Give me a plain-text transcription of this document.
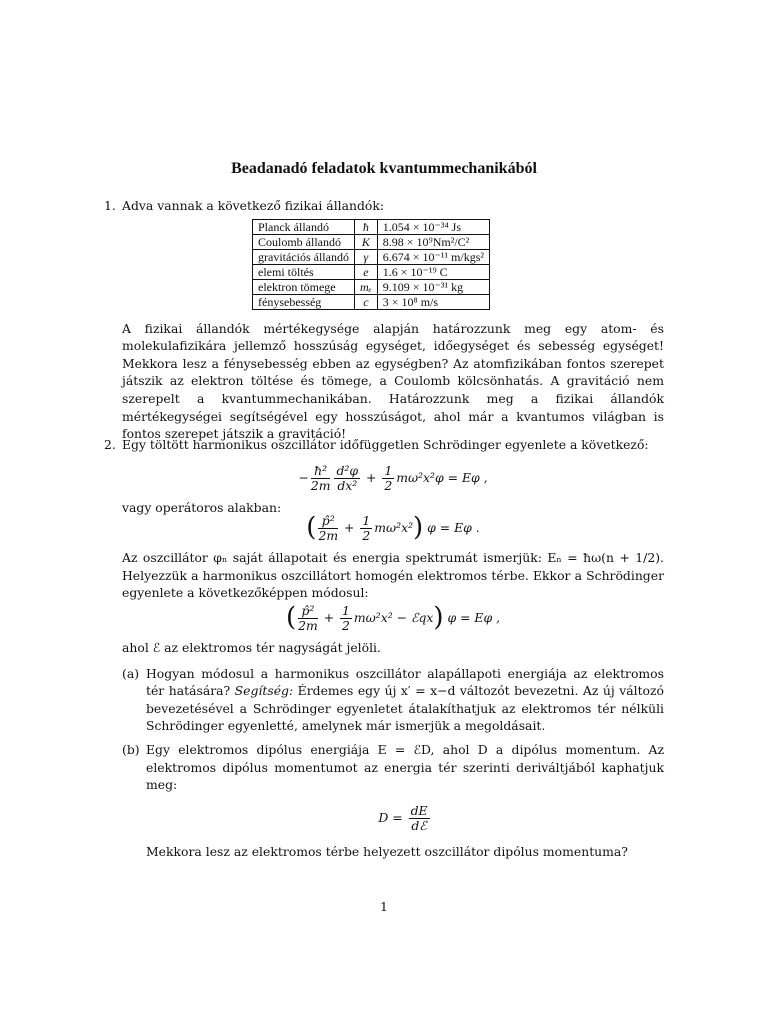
Beadanadó feladatok kvantummechanikából
1. Adva vannak a következő fizikai állandók:
Planck állandó	ħ	1.054 × 10⁻³⁴ Js
Coulomb állandó	K	8.98 × 10⁹Nm²/C²
gravitációs állandó	γ	6.674 × 10⁻¹¹ m/kgs²
elemi töltés	e	1.6 × 10⁻¹⁹ C
elektron tömege	mₑ	9.109 × 10⁻³¹ kg
fénysebesség	c	3 × 10⁸ m/s
A fizikai állandók mértékegysége alapján határozzunk meg egy atom- és molekulafizikára jellemző hosszúság egységet, időegységet és sebesség egységet! Mekkora lesz a fénysebesség ebben az egységben? Az atomfizikában fontos szerepet játszik az elektron töltése és tömege, a Coulomb kölcsönhatás. A gravitáció nem szerepelt a kvantummechanikában. Határozzunk meg a fizikai állandók mértékegységei segítségével egy hosszúságot, ahol már a kvantumos világban is fontos szerepet játszik a gravitáció!
2. Egy töltött harmonikus oszcillátor időfüggetlen Schrödinger egyenlete a következő:
− $\frac{\text{ħ²}}{2m} \frac{\text{d²φ}}{\text{dx²}} + \frac{1}{2} m\omega^2x^2\varphi = E\varphi$ ,
vagy operátoros alakban:
( $\frac{\text{p̂²}}{2m} + \frac{1}{2} m\omega^2x^2$) φ = Eφ .
Az oszcillátor φₙ saját állapotait és energia spektrumát ismerjük: Eₙ = ħω(n + 1/2). Helyezzük a harmonikus oszcillátort homogén elektromos térbe. Ekkor a Schrödinger egyenlete a következőképpen módosul:
( $\frac{\text{p̂²}}{2m} + \frac{1}{2} m\omega^2x^2$ − ℰqx) φ = Eφ ,
ahol ℰ az elektromos tér nagyságát jelöli.
(a) Hogyan módosul a harmonikus oszcillátor alapállapoti energiája az elektromos tér hatására? Segítség: Érdemes egy új x′ = x−d változót bevezetni. Az új változó bevezetésével a Schrödinger egyenletet átalakíthatjuk az elektromos tér nélküli Schrödinger egyenletté, amelynek már ismerjük a megoldásait.
(b) Egy elektromos dipólus energiája E = ℰD, ahol D a dipólus momentum. Az elektromos dipólus momentumot az energia tér szerinti deriváltjából kaphatjuk meg:
$D = \frac{dE}{\text{dℰ}}$
Mekkora lesz az elektromos térbe helyezett oszcillátor dipólus momentuma?
1
